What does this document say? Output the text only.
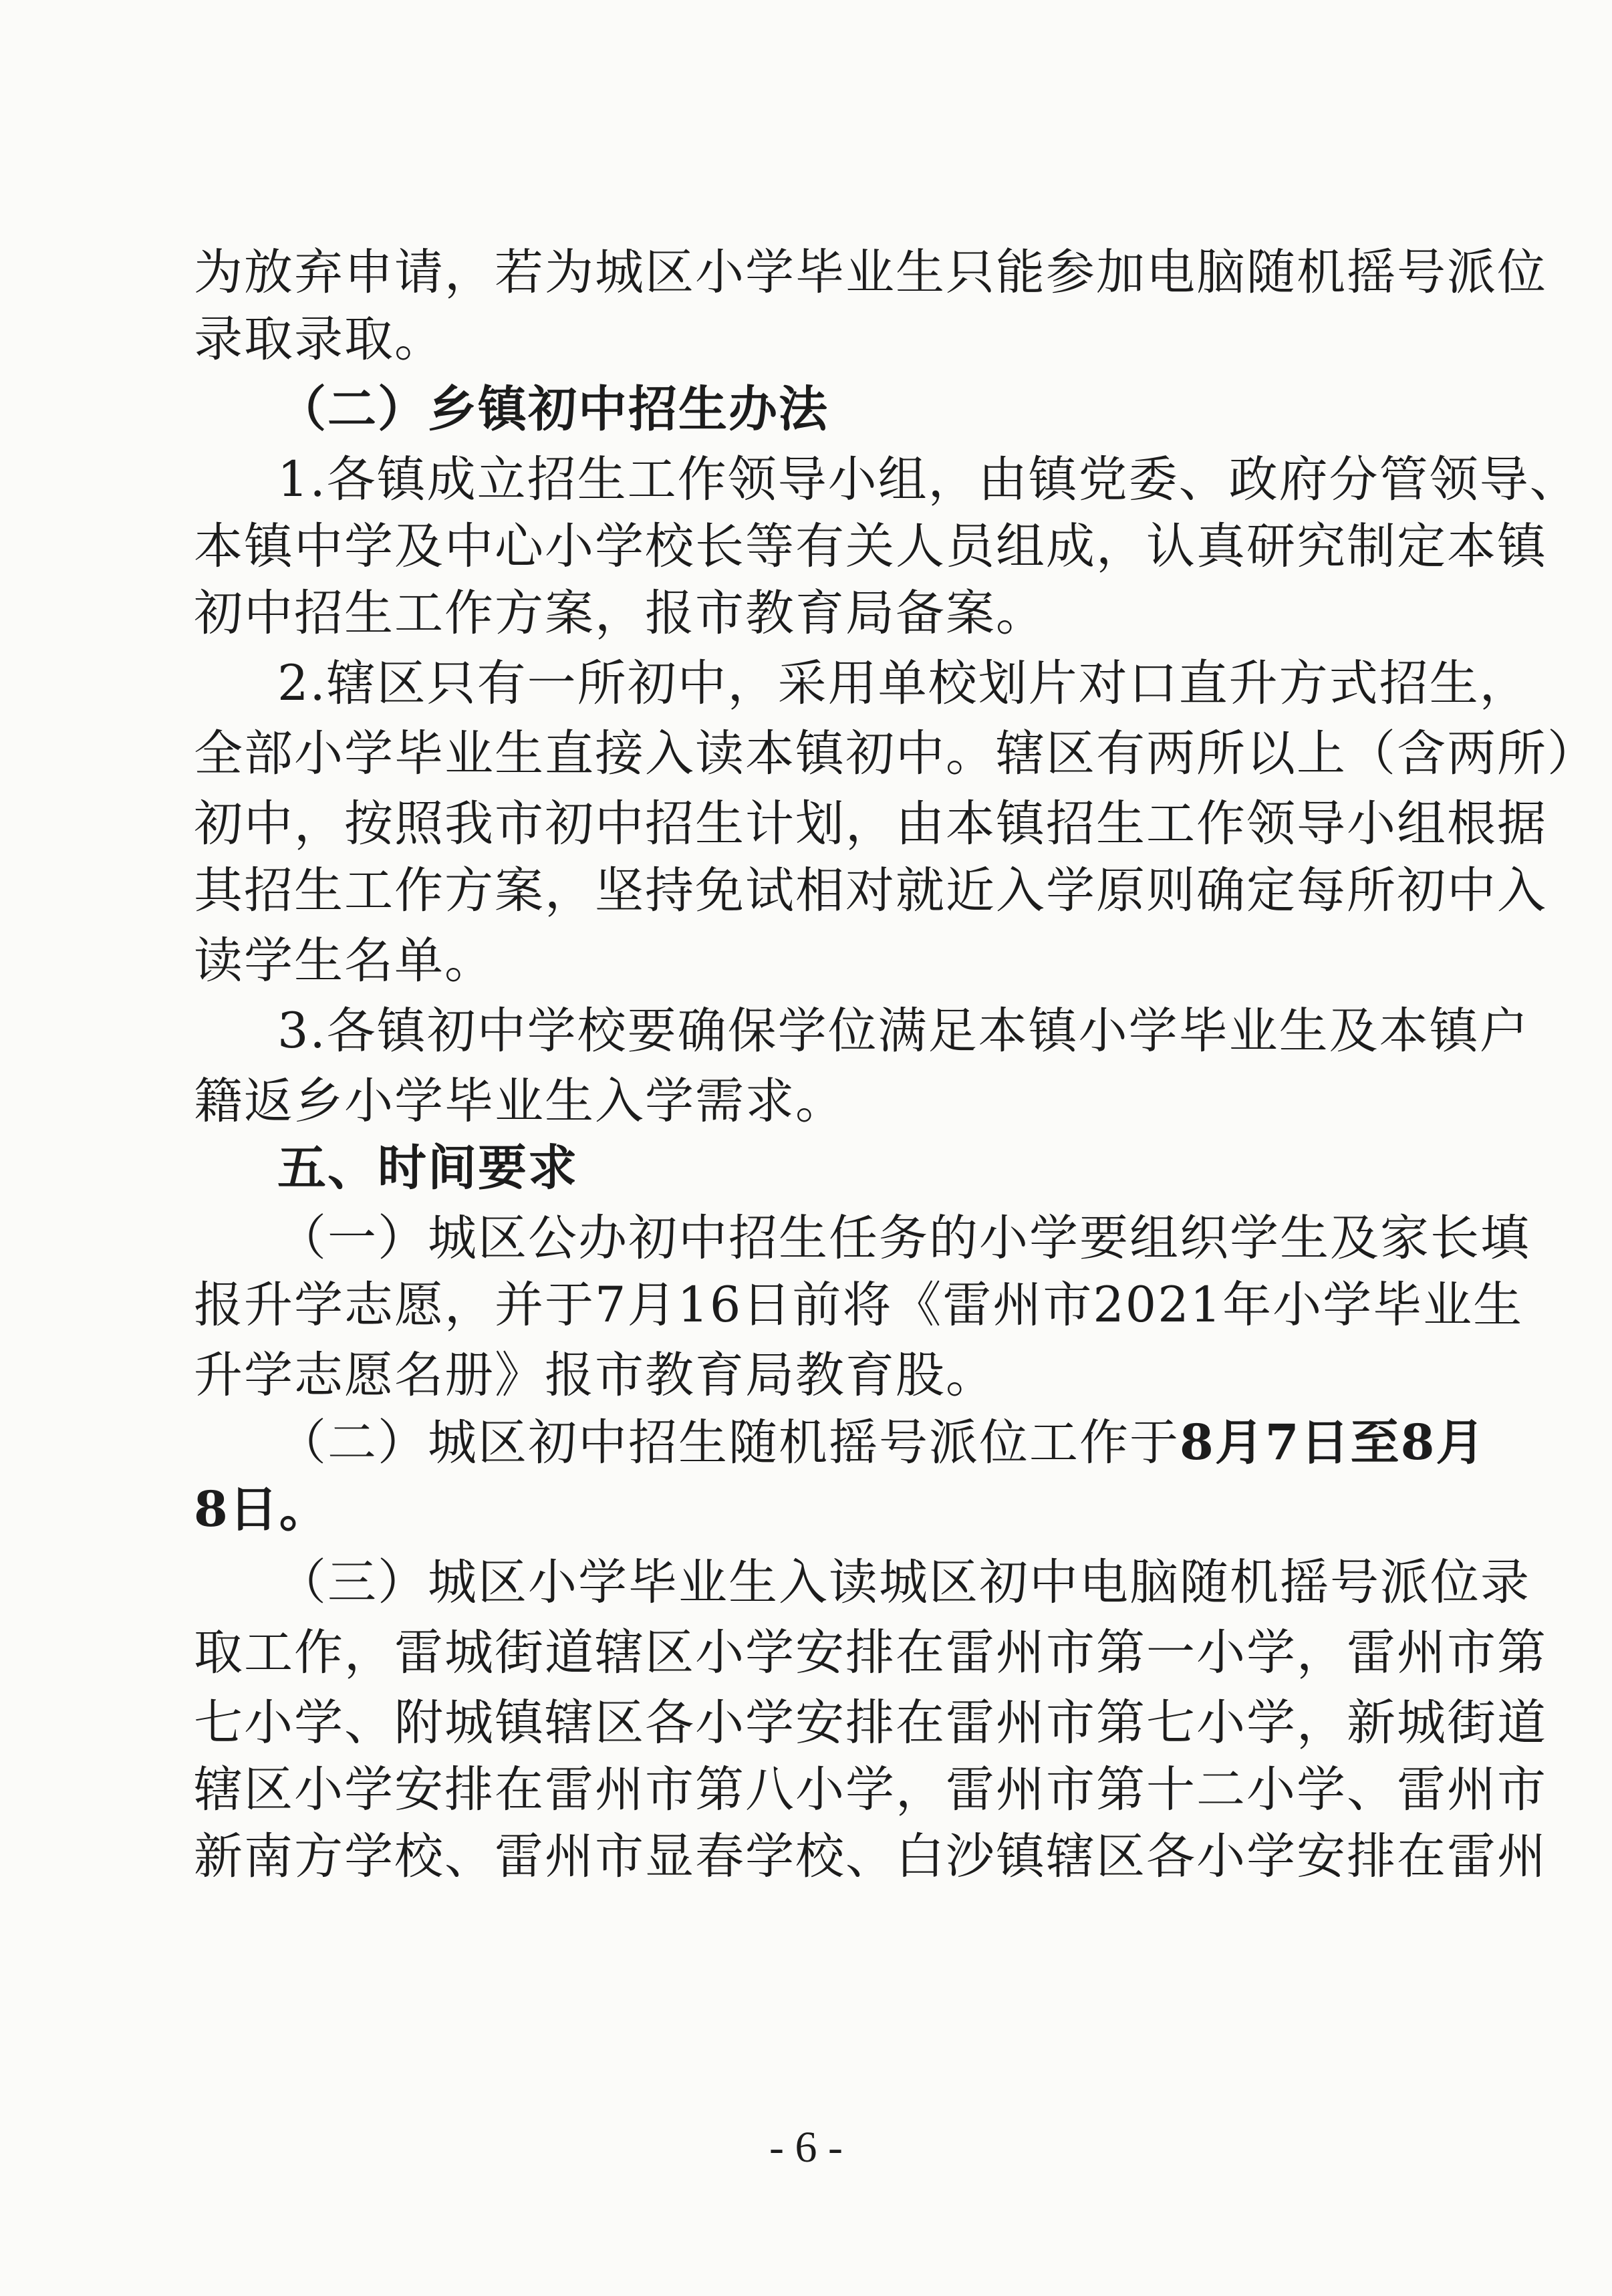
为放弃申请，若为城区小学毕业生只能参加电脑随机摇号派位
录取录取。
（二）乡镇初中招生办法
1.各镇成立招生工作领导小组，由镇党委、政府分管领导、
本镇中学及中心小学校长等有关人员组成，认真研究制定本镇
初中招生工作方案，报市教育局备案。
2.辖区只有一所初中，采用单校划片对口直升方式招生，
全部小学毕业生直接入读本镇初中。辖区有两所以上（含两所）
初中，按照我市初中招生计划，由本镇招生工作领导小组根据
其招生工作方案，坚持免试相对就近入学原则确定每所初中入
读学生名单。
3.各镇初中学校要确保学位满足本镇小学毕业生及本镇户
籍返乡小学毕业生入学需求。
五、时间要求
（一）城区公办初中招生任务的小学要组织学生及家长填
报升学志愿，并于7月16日前将《雷州市2021年小学毕业生
升学志愿名册》报市教育局教育股。
（二）城区初中招生随机摇号派位工作于8月7日至8月
8日。
（三）城区小学毕业生入读城区初中电脑随机摇号派位录
取工作，雷城街道辖区小学安排在雷州市第一小学，雷州市第
七小学、附城镇辖区各小学安排在雷州市第七小学，新城街道
辖区小学安排在雷州市第八小学，雷州市第十二小学、雷州市
新南方学校、雷州市显春学校、白沙镇辖区各小学安排在雷州
- 6 -
